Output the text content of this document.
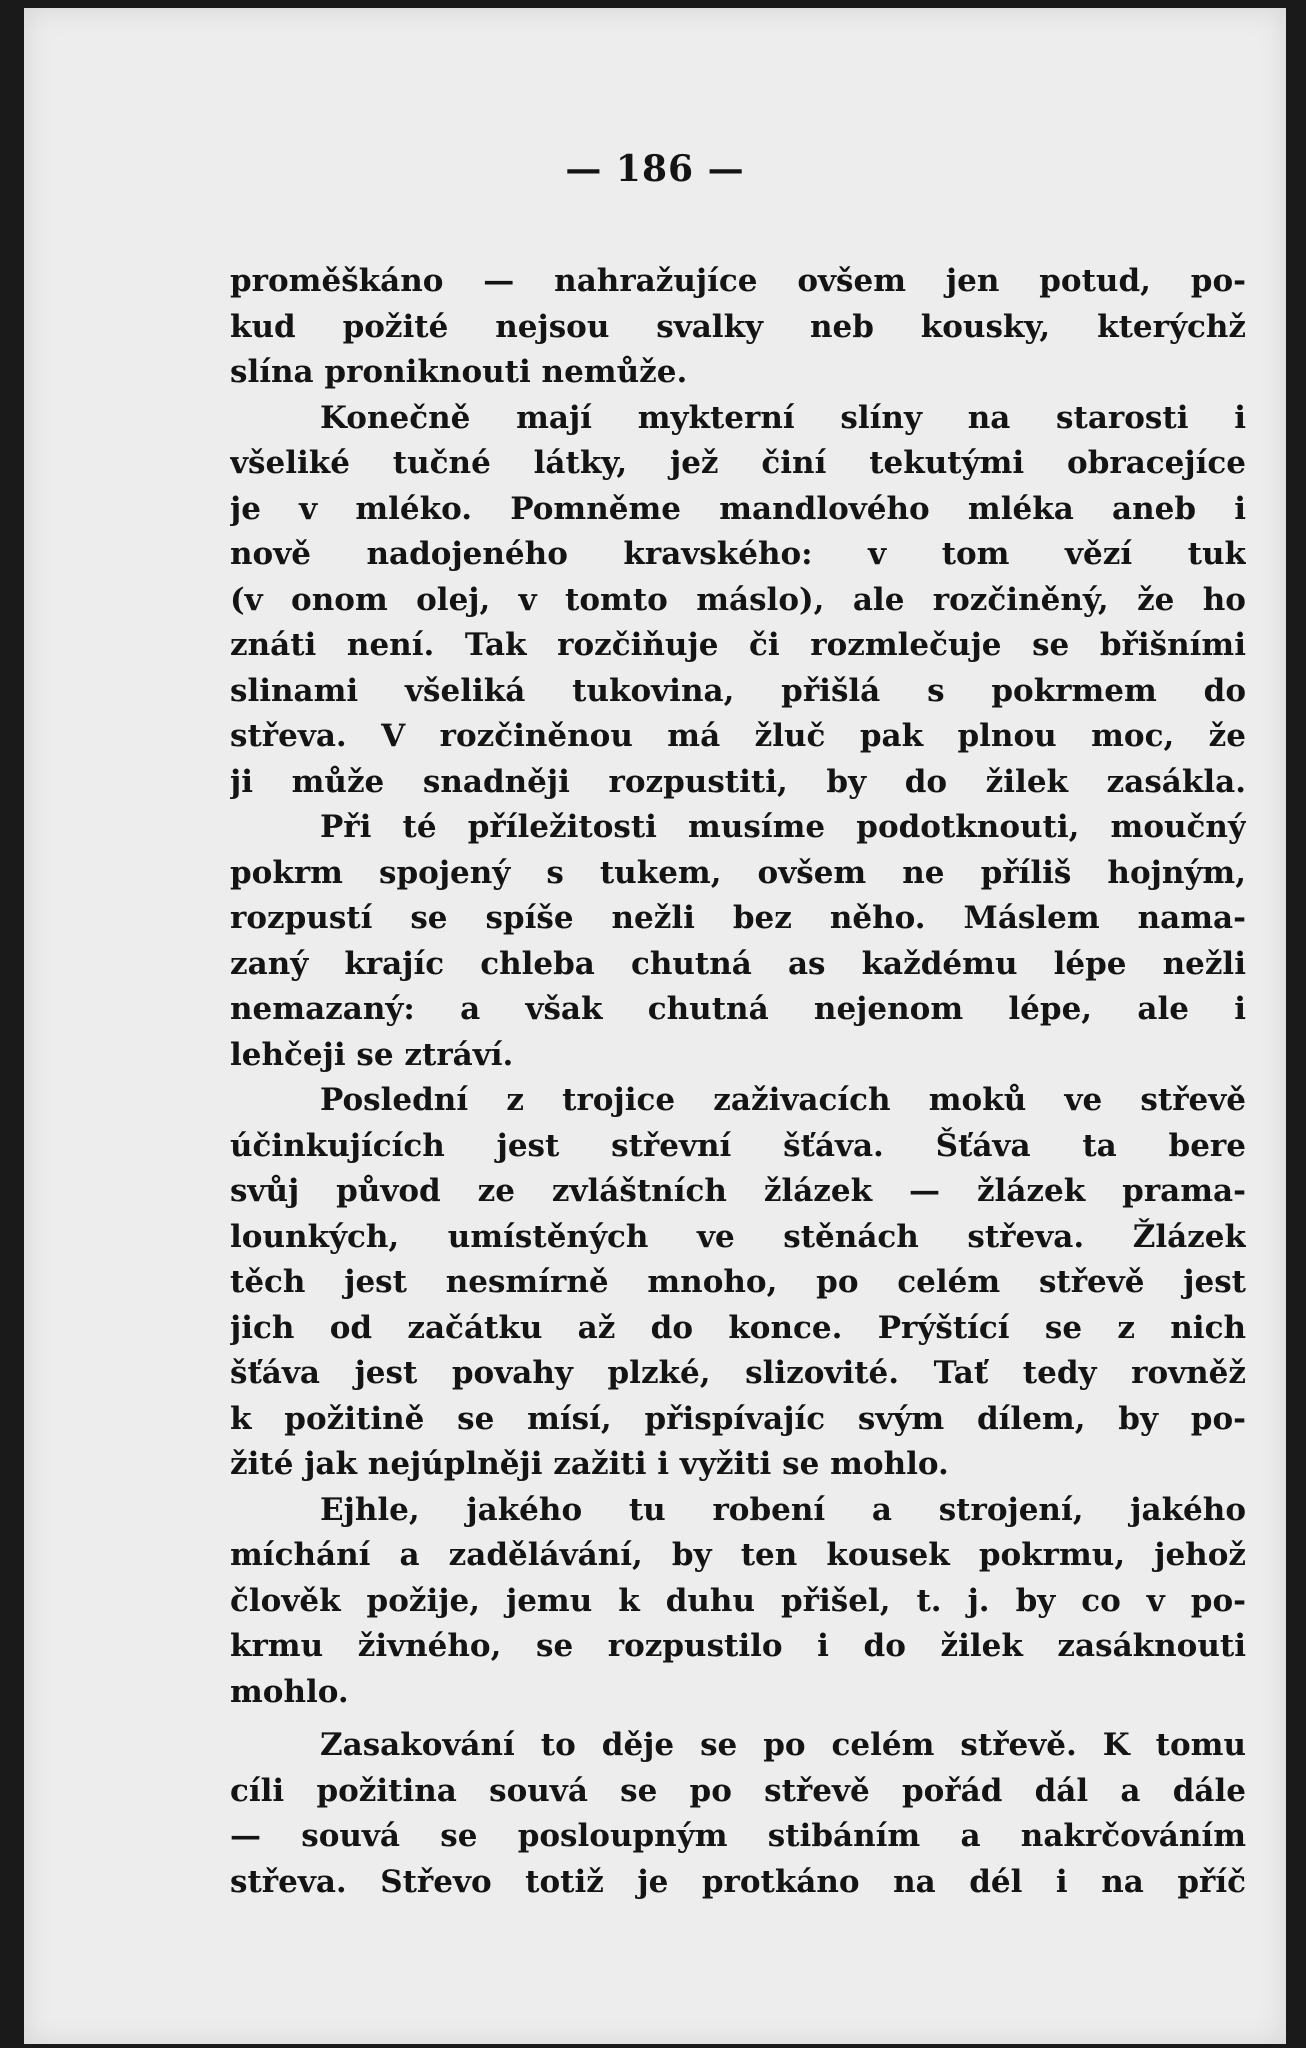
— 186 —
proměškáno — nahražujíce ovšem jen potud, po-
kud požité nejsou svalky neb kousky, kterýchž
slína proniknouti nemůže.
Konečně mají mykterní slíny na starosti i
všeliké tučné látky, jež činí tekutými obracejíce
je v mléko. Pomněme mandlového mléka aneb i
nově nadojeného kravského: v tom vězí tuk
(v onom olej, v tomto máslo), ale rozčiněný, že ho
znáti není. Tak rozčiňuje či rozmlečuje se břišními
slinami všeliká tukovina, přišlá s pokrmem do
střeva. V rozčiněnou má žluč pak plnou moc, že
ji může snadněji rozpustiti, by do žilek zasákla.
Při té příležitosti musíme podotknouti, moučný
pokrm spojený s tukem, ovšem ne příliš hojným,
rozpustí se spíše nežli bez něho. Máslem nama-
zaný krajíc chleba chutná as každému lépe nežli
nemazaný: a však chutná nejenom lépe, ale i
lehčeji se ztráví.
Poslední z trojice zaživacích moků ve střevě
účinkujících jest střevní šťáva. Šťáva ta bere
svůj původ ze zvláštních žlázek — žlázek prama-
lounkých, umístěných ve stěnách střeva. Žlázek
těch jest nesmírně mnoho, po celém střevě jest
jich od začátku až do konce. Prýštící se z nich
šťáva jest povahy plzké, slizovité. Tať tedy rovněž
k požitině se mísí, přispívajíc svým dílem, by po-
žité jak nejúplněji zažiti i vyžiti se mohlo.
Ejhle, jakého tu robení a strojení, jakého
míchání a zadělávání, by ten kousek pokrmu, jehož
člověk požije, jemu k duhu přišel, t. j. by co v po-
krmu živného, se rozpustilo i do žilek zasáknouti
mohlo.
Zasakování to děje se po celém střevě. K tomu
cíli požitina souvá se po střevě pořád dál a dále
— souvá se posloupným stibáním a nakrčováním
střeva. Střevo totiž je protkáno na dél i na příč
